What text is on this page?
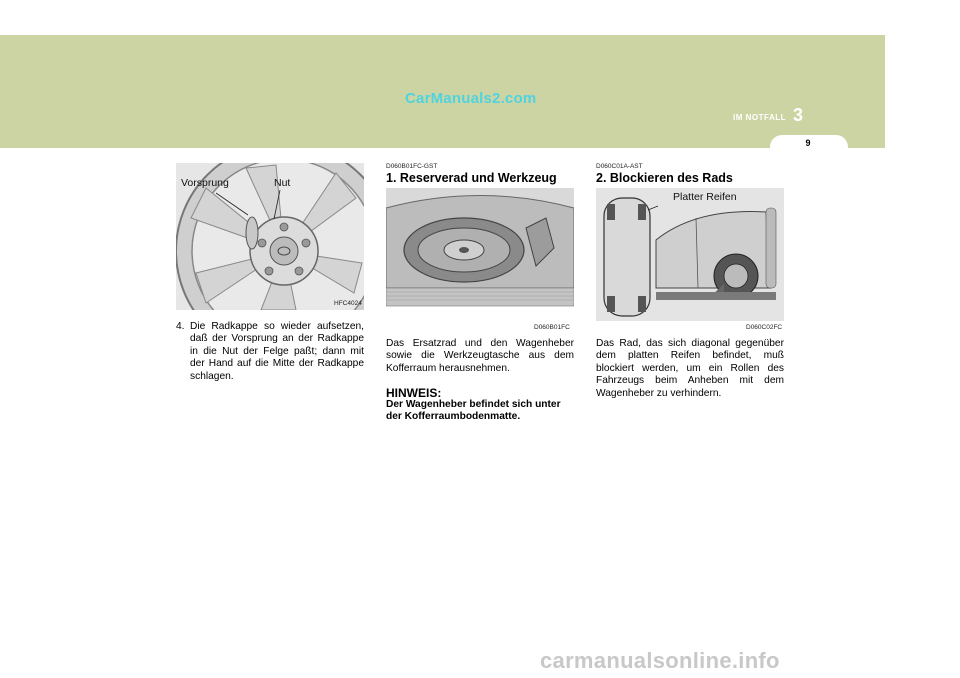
CarManuals2.com
IM NOTFALL 3
9
Vorsprung	Nut
HFC4024
4. Die Radkappe so wieder aufsetzen, daß der Vorsprung an der Radkappe in die Nut der Felge paßt; dann mit der Hand auf die Mitte der Radkappe schlagen.
D060B01FC-GST
1. Reserverad und Werkzeug
D060B01FC
Das Ersatzrad und den Wagenheber sowie die Werkzeugtasche aus dem Kofferraum herausnehmen.
HINWEIS:
Der Wagenheber befindet sich unter der Kofferraumbodenmatte.
D060C01A-AST
2. Blockieren des Rads
Platter Reifen
D060C02FC
Das Rad, das sich diagonal gegenüber dem platten Reifen befindet, muß blockiert werden, um ein Rollen des Fahrzeugs beim Anheben mit dem Wagenheber zu verhindern.
carmanualsonline.info
